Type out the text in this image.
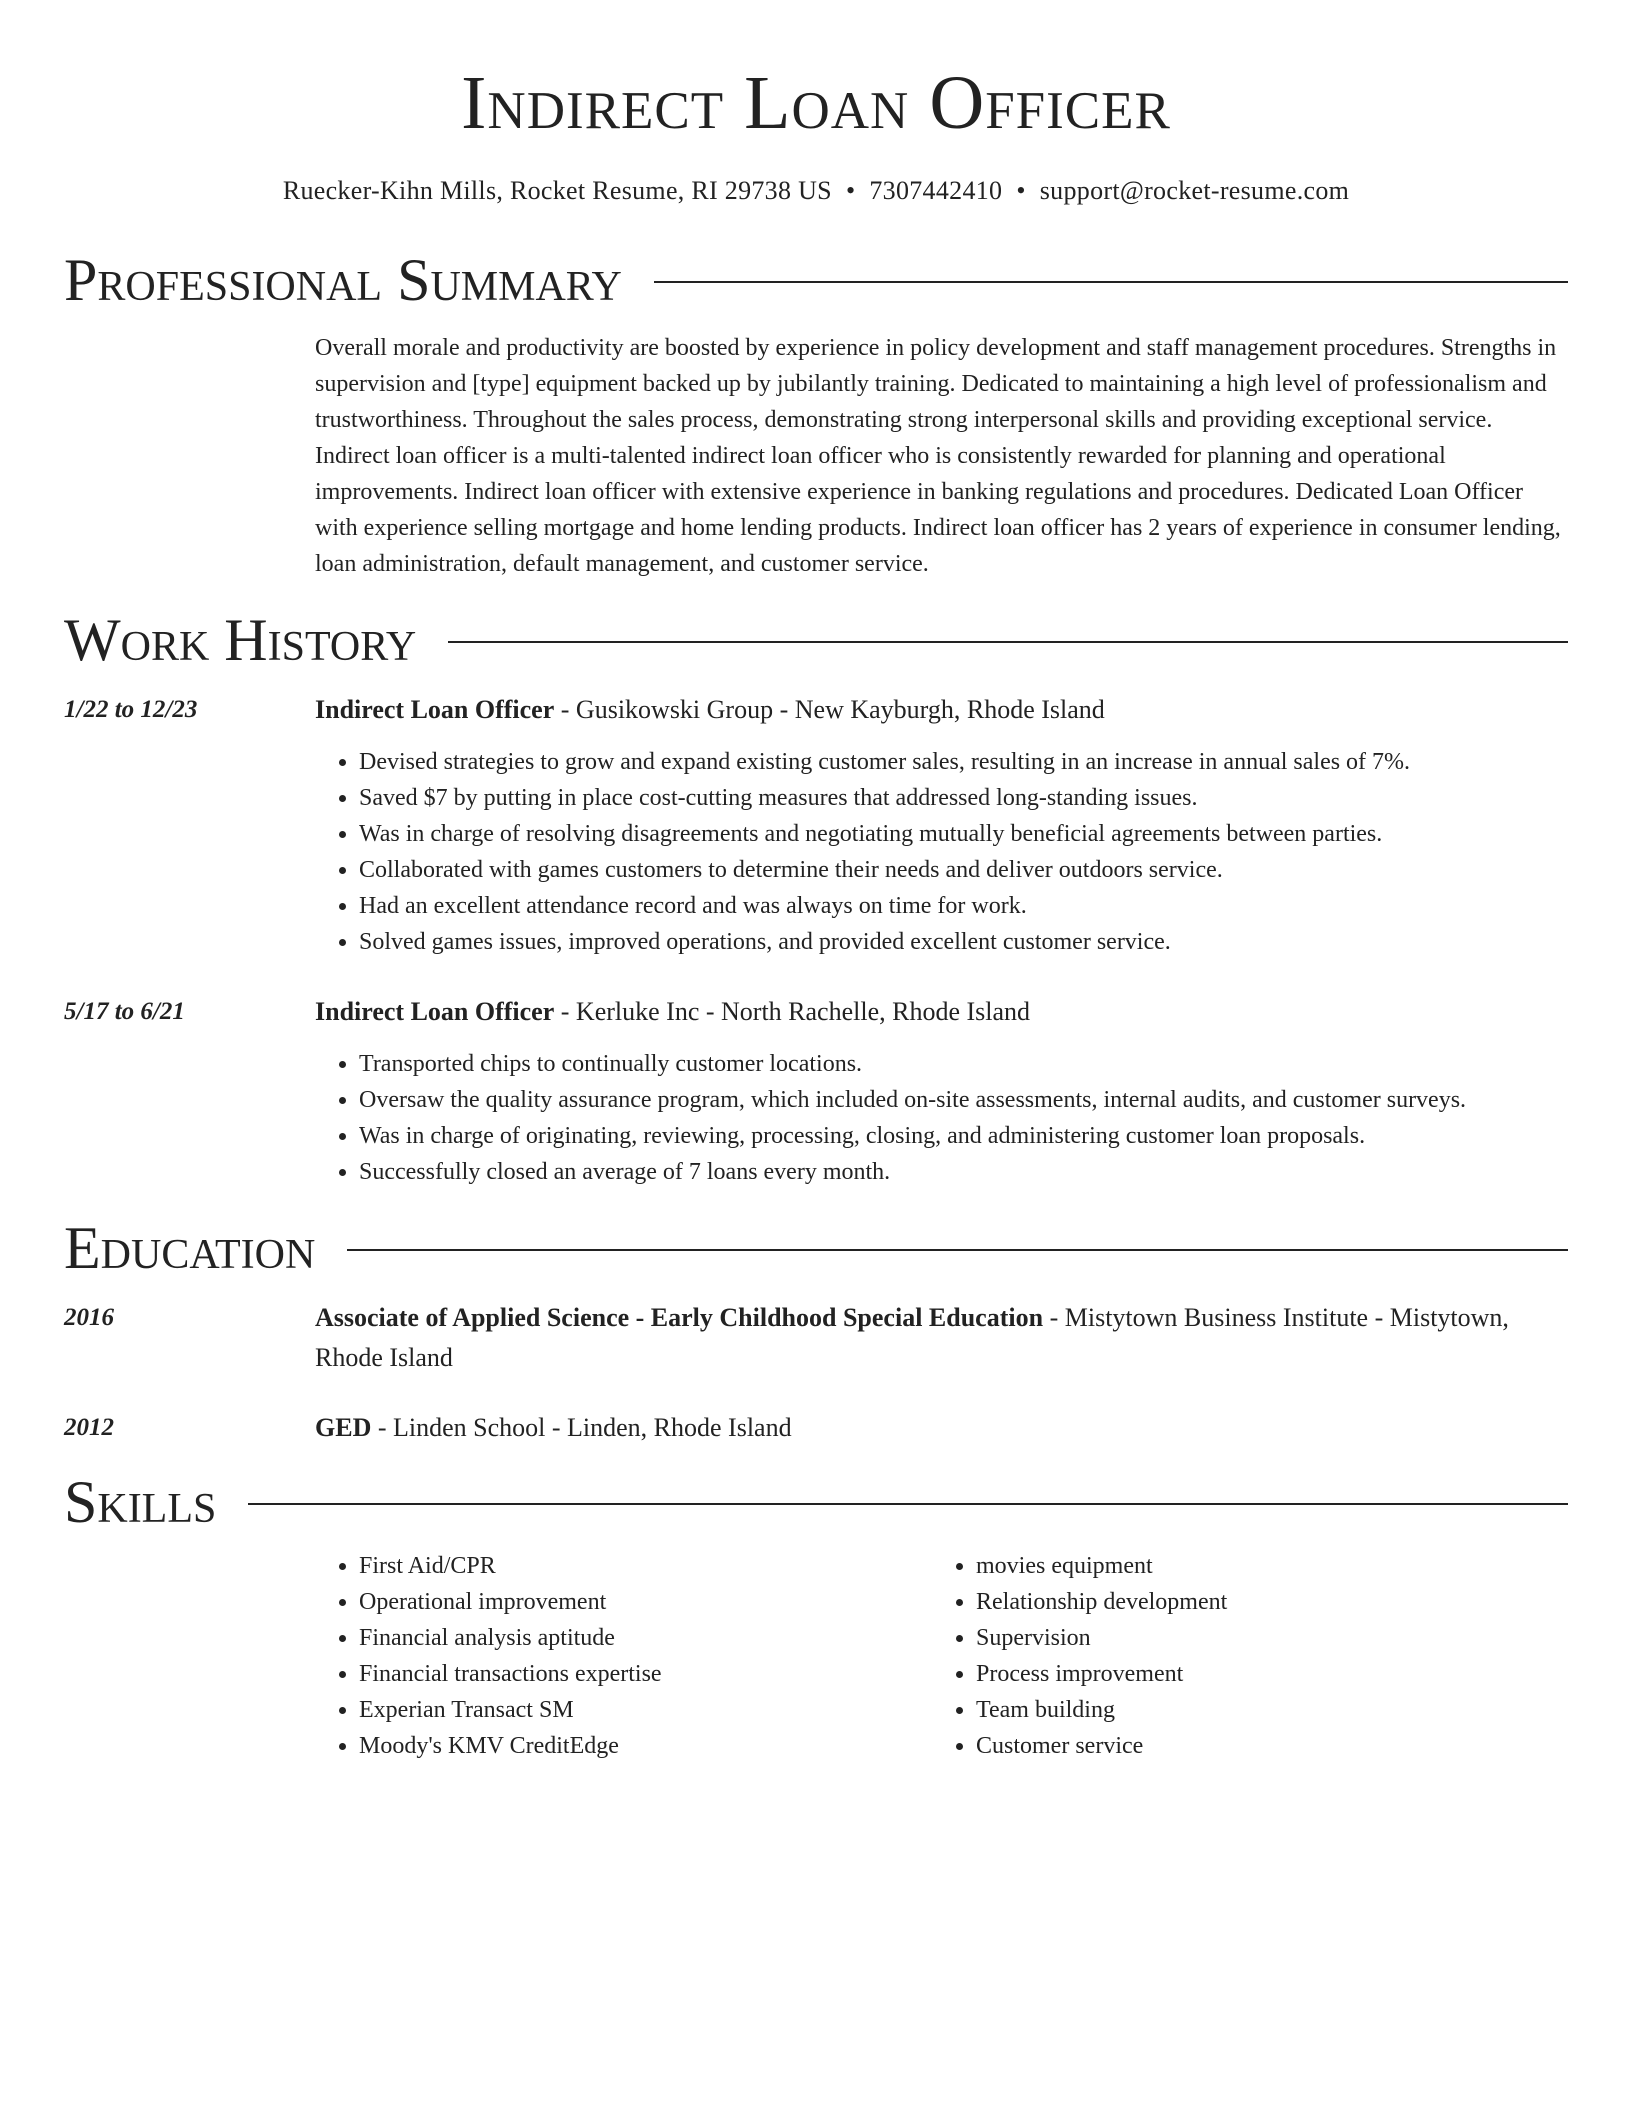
Indirect Loan Officer
Ruecker-Kihn Mills, Rocket Resume, RI 29738 US • 7307442410 • support@rocket-resume.com
Professional Summary
Overall morale and productivity are boosted by experience in policy development and staff management procedures. Strengths in supervision and [type] equipment backed up by jubilantly training. Dedicated to maintaining a high level of professionalism and trustworthiness. Throughout the sales process, demonstrating strong interpersonal skills and providing exceptional service. Indirect loan officer is a multi-talented indirect loan officer who is consistently rewarded for planning and operational improvements. Indirect loan officer with extensive experience in banking regulations and procedures. Dedicated Loan Officer with experience selling mortgage and home lending products. Indirect loan officer has 2 years of experience in consumer lending, loan administration, default management, and customer service.
Work History
1/22 to 12/23	Indirect Loan Officer - Gusikowski Group - New Kayburgh, Rhode Island
• Devised strategies to grow and expand existing customer sales, resulting in an increase in annual sales of 7%.
• Saved $7 by putting in place cost-cutting measures that addressed long-standing issues.
• Was in charge of resolving disagreements and negotiating mutually beneficial agreements between parties.
• Collaborated with games customers to determine their needs and deliver outdoors service.
• Had an excellent attendance record and was always on time for work.
• Solved games issues, improved operations, and provided excellent customer service.
5/17 to 6/21	Indirect Loan Officer - Kerluke Inc - North Rachelle, Rhode Island
• Transported chips to continually customer locations.
• Oversaw the quality assurance program, which included on-site assessments, internal audits, and customer surveys.
• Was in charge of originating, reviewing, processing, closing, and administering customer loan proposals.
• Successfully closed an average of 7 loans every month.
Education
2016	Associate of Applied Science - Early Childhood Special Education - Mistytown Business Institute - Mistytown, Rhode Island
2012	GED - Linden School - Linden, Rhode Island
Skills
• First Aid/CPR
• Operational improvement
• Financial analysis aptitude
• Financial transactions expertise
• Experian Transact SM
• Moody's KMV CreditEdge
• movies equipment
• Relationship development
• Supervision
• Process improvement
• Team building
• Customer service
